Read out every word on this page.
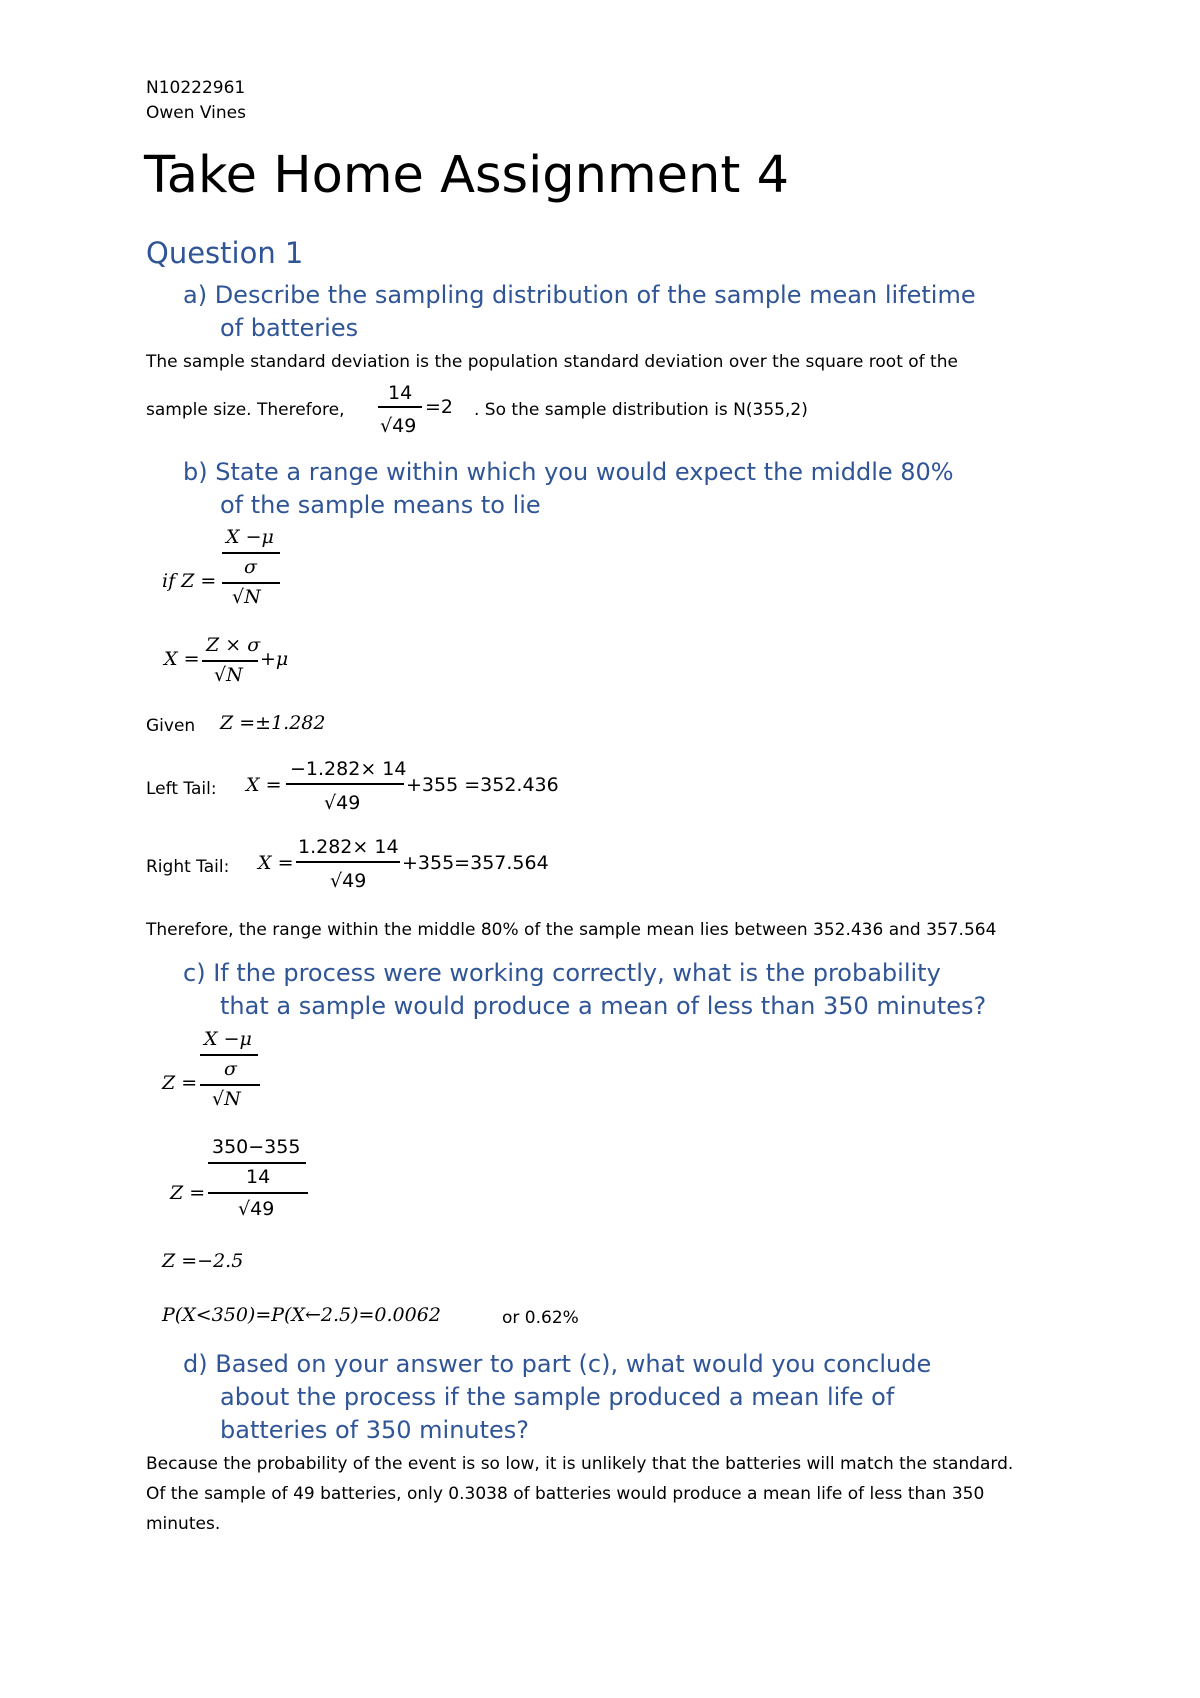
N10222961
Owen Vines
Take Home Assignment 4
Question 1
a) Describe the sampling distribution of the sample mean lifetime
of batteries
The sample standard deviation is the population standard deviation over the square root of the
sample size. Therefore,
14
√49
=2 . So the sample distribution is N(355,2)
b) State a range within which you would expect the middle 80%
of the sample means to lie
X −μ
if Z =
σ
√N
X =
Z × σ
√N
+μ
Given Z =±1.282
Left Tail: X =
−1.282× 14
√49
+355 =352.436
Right Tail: X =
1.282× 14
√49
+355=357.564
Therefore, the range within the middle 80% of the sample mean lies between 352.436 and 357.564
c) If the process were working correctly, what is the probability
that a sample would produce a mean of less than 350 minutes?
X −μ
Z =
σ
√N
350−355
Z =
14
√49
Z =−2.5
P(X<350)=P(X←2.5)=0.0062	or 0.62%
d) Based on your answer to part (c), what would you conclude
about the process if the sample produced a mean life of
batteries of 350 minutes?
Because the probability of the event is so low, it is unlikely that the batteries will match the standard.
Of the sample of 49 batteries, only 0.3038 of batteries would produce a mean life of less than 350
minutes.
